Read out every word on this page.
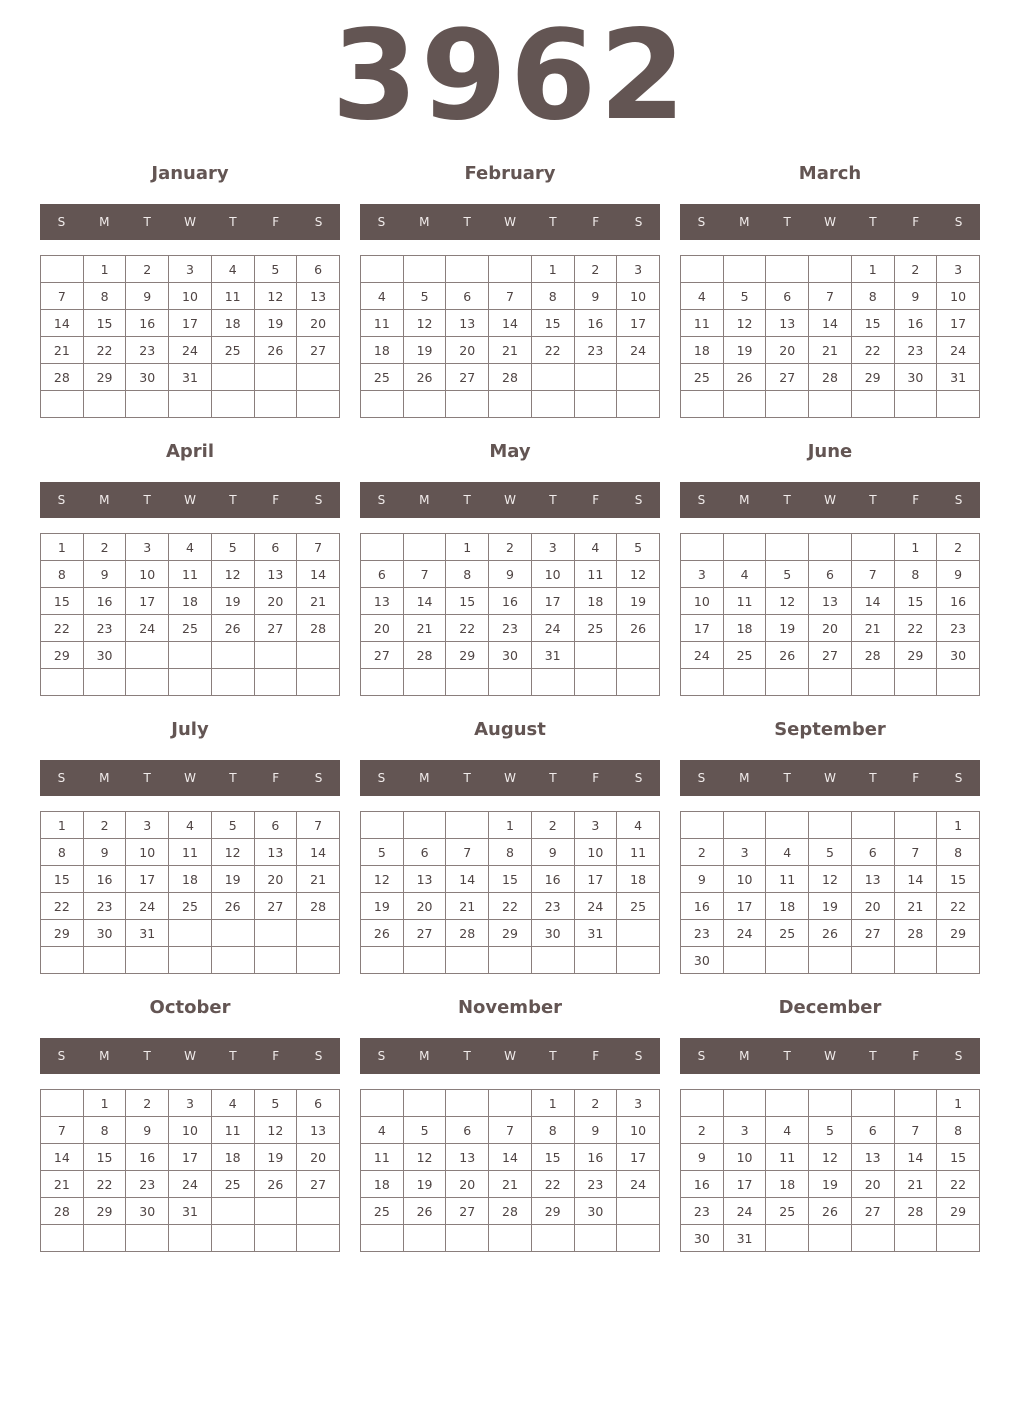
3962
January
S	M	T	W	T	F	S
	1	2	3	4	5	6
7	8	9	10	11	12	13
14	15	16	17	18	19	20
21	22	23	24	25	26	27
28	29	30	31			

February
S	M	T	W	T	F	S
				1	2	3
4	5	6	7	8	9	10
11	12	13	14	15	16	17
18	19	20	21	22	23	24
25	26	27	28			

March
S	M	T	W	T	F	S
				1	2	3
4	5	6	7	8	9	10
11	12	13	14	15	16	17
18	19	20	21	22	23	24
25	26	27	28	29	30	31

April
S	M	T	W	T	F	S
1	2	3	4	5	6	7
8	9	10	11	12	13	14
15	16	17	18	19	20	21
22	23	24	25	26	27	28
29	30					

May
S	M	T	W	T	F	S
		1	2	3	4	5
6	7	8	9	10	11	12
13	14	15	16	17	18	19
20	21	22	23	24	25	26
27	28	29	30	31		

June
S	M	T	W	T	F	S
					1	2
3	4	5	6	7	8	9
10	11	12	13	14	15	16
17	18	19	20	21	22	23
24	25	26	27	28	29	30

July
S	M	T	W	T	F	S
1	2	3	4	5	6	7
8	9	10	11	12	13	14
15	16	17	18	19	20	21
22	23	24	25	26	27	28
29	30	31				

August
S	M	T	W	T	F	S
			1	2	3	4
5	6	7	8	9	10	11
12	13	14	15	16	17	18
19	20	21	22	23	24	25
26	27	28	29	30	31	

September
S	M	T	W	T	F	S
						1
2	3	4	5	6	7	8
9	10	11	12	13	14	15
16	17	18	19	20	21	22
23	24	25	26	27	28	29
30						
October
S	M	T	W	T	F	S
	1	2	3	4	5	6
7	8	9	10	11	12	13
14	15	16	17	18	19	20
21	22	23	24	25	26	27
28	29	30	31			

November
S	M	T	W	T	F	S
				1	2	3
4	5	6	7	8	9	10
11	12	13	14	15	16	17
18	19	20	21	22	23	24
25	26	27	28	29	30	

December
S	M	T	W	T	F	S
						1
2	3	4	5	6	7	8
9	10	11	12	13	14	15
16	17	18	19	20	21	22
23	24	25	26	27	28	29
30	31					
